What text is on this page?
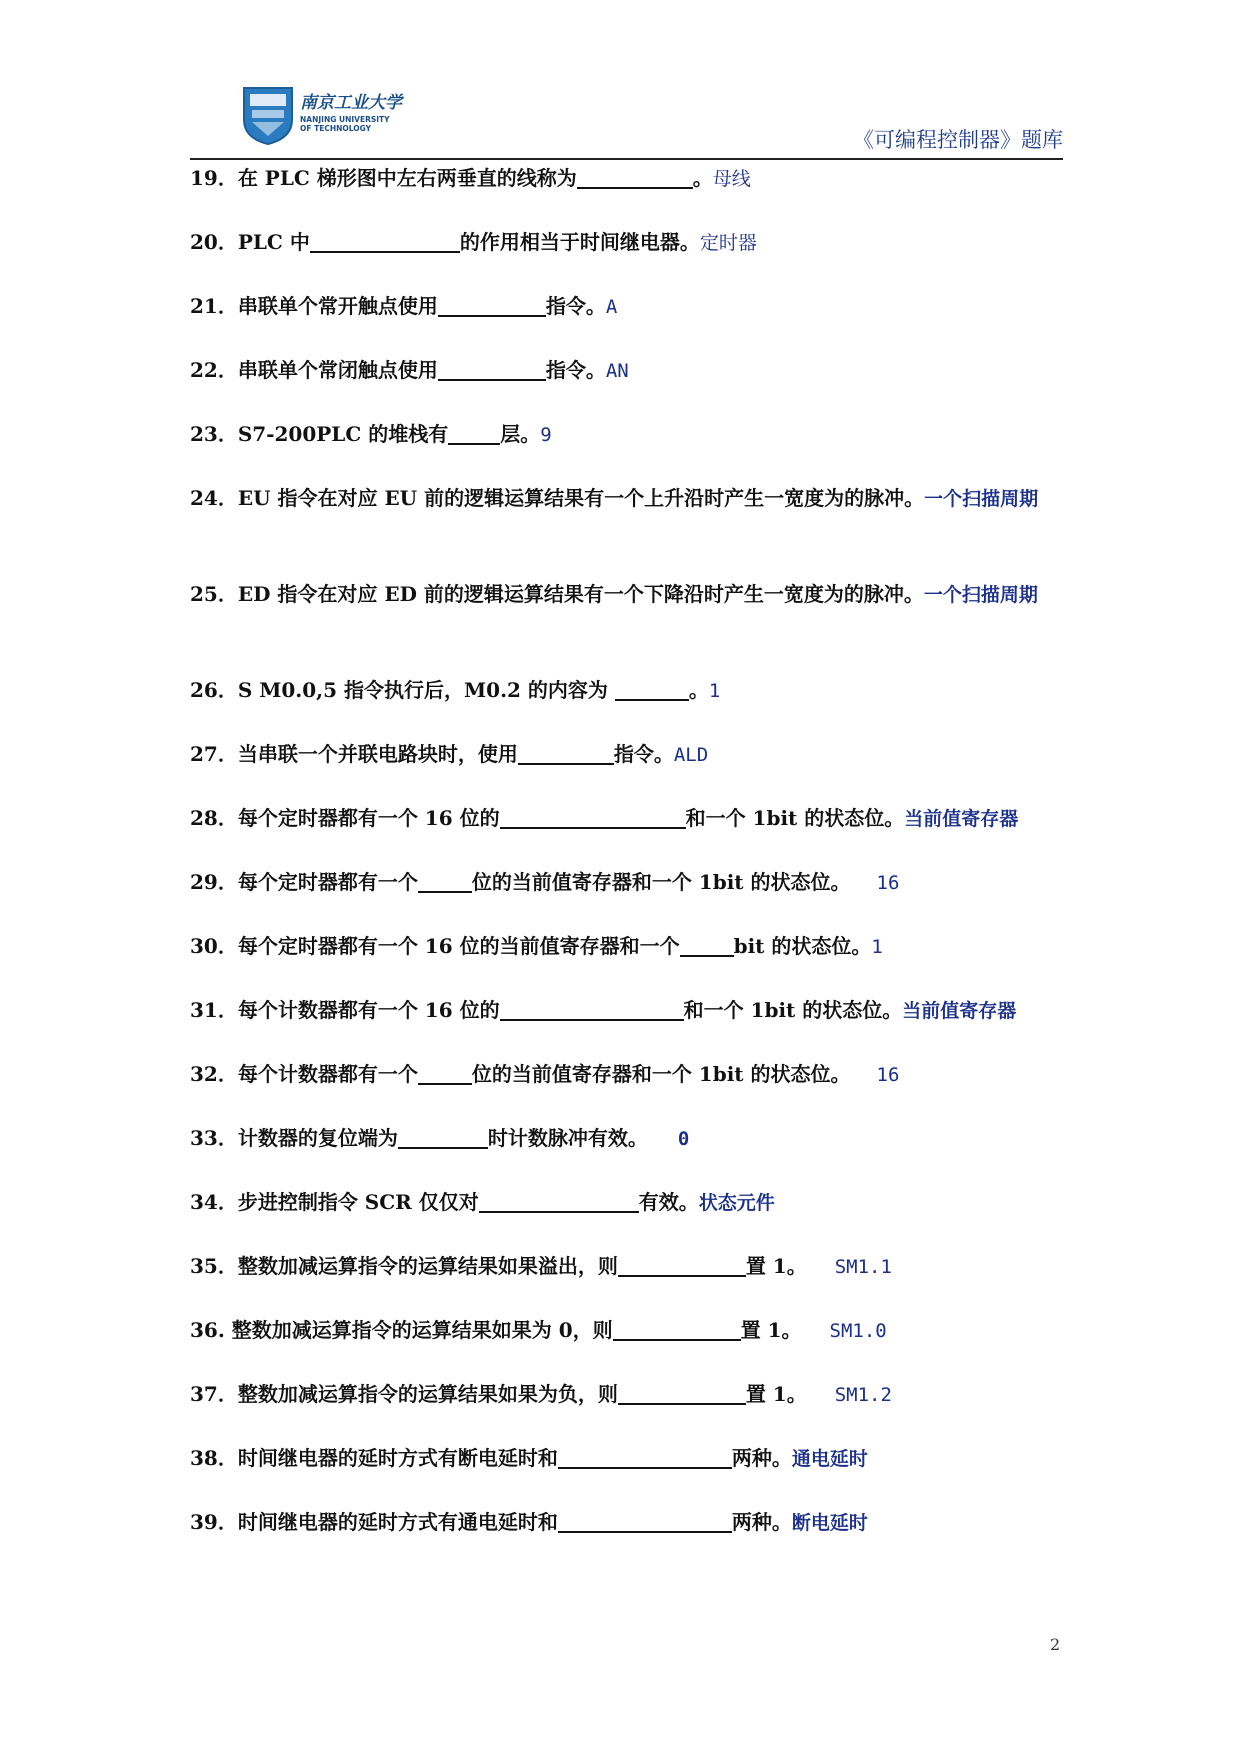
南京工业大学
NANJING UNIVERSITY
OF TECHNOLOGY	《可编程控制器》题库
19．在 PLC 梯形图中左右两垂直的线称为	。母线
20．PLC 中	的作用相当于时间继电器。定时器
21．串联单个常开触点使用	指令。A
22．串联单个常闭触点使用	指令。AN
23．S7-200PLC 的堆栈有	层。9
24．EU 指令在对应 EU 前的逻辑运算结果有一个上升沿时产生一宽度为的脉冲。一个扫描周期
25．ED 指令在对应 ED 前的逻辑运算结果有一个下降沿时产生一宽度为的脉冲。一个扫描周期
26．S M0.0,5 指令执行后，M0.2 的内容为	。1
27．当串联一个并联电路块时，使用	指令。ALD
28．每个定时器都有一个 16 位的	和一个 1bit 的状态位。当前值寄存器
29．每个定时器都有一个	位的当前值寄存器和一个 1bit 的状态位。 16
30．每个定时器都有一个 16 位的当前值寄存器和一个	bit 的状态位。1
31．每个计数器都有一个 16 位的	和一个 1bit 的状态位。当前值寄存器
32．每个计数器都有一个	位的当前值寄存器和一个 1bit 的状态位。 16
33．计数器的复位端为	时计数脉冲有效。 0
34．步进控制指令 SCR 仅仅对	有效。状态元件
35．整数加减运算指令的运算结果如果溢出，则	置 1。 SM1.1
36. 整数加减运算指令的运算结果如果为 0，则	置 1。 SM1.0
37．整数加减运算指令的运算结果如果为负，则	置 1。 SM1.2
38．时间继电器的延时方式有断电延时和	两种。通电延时
39．时间继电器的延时方式有通电延时和	两种。断电延时
2
